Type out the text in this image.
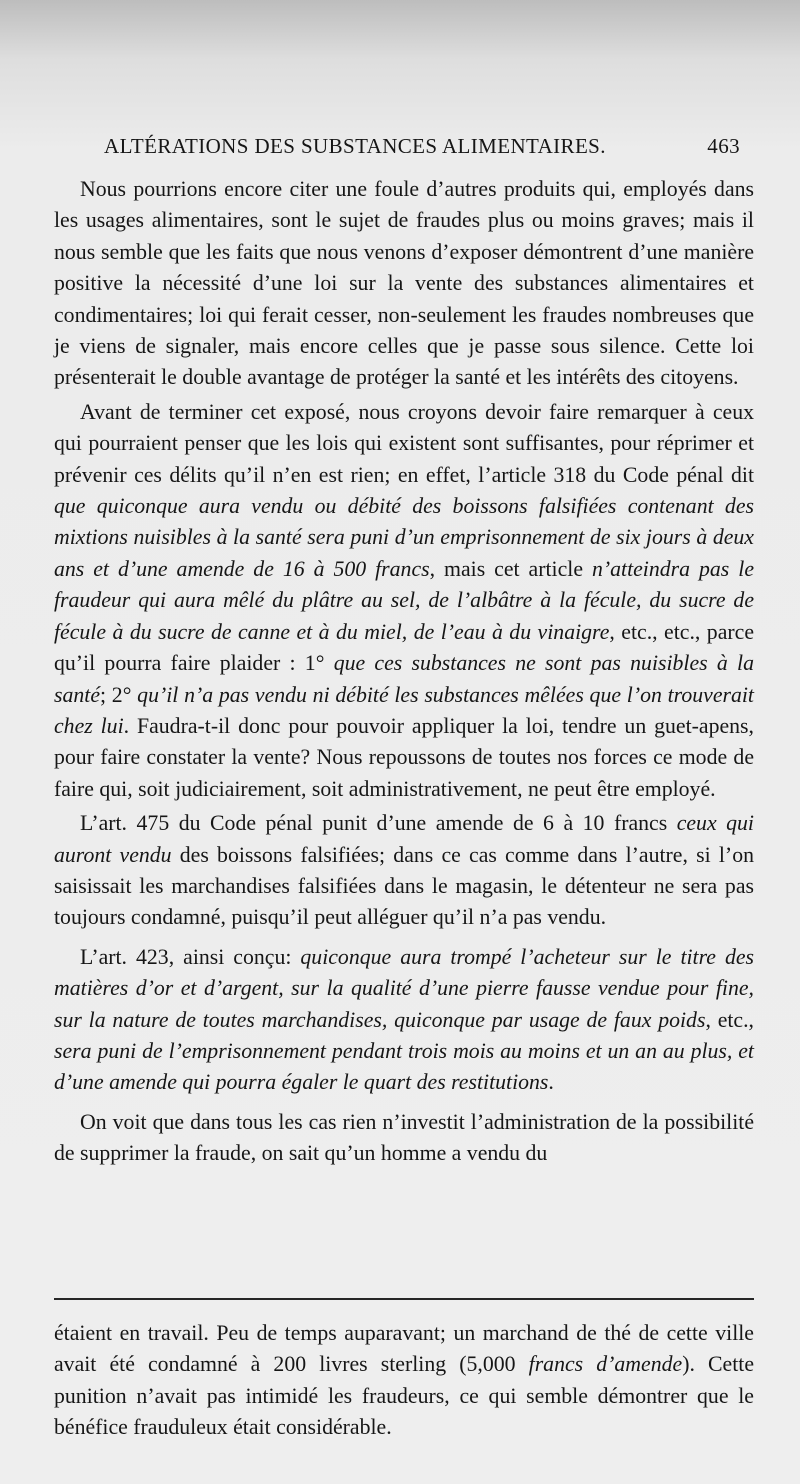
ALTÉRATIONS DES SUBSTANCES ALIMENTAIRES.	463

Nous pourrions encore citer une foule d’autres produits qui, employés dans les usages alimentaires, sont le sujet de fraudes plus ou moins graves; mais il nous semble que les faits que nous venons d’exposer démontrent d’une manière positive la nécessité d’une loi sur la vente des substances alimentaires et condimentaires; loi qui ferait cesser, non-seulement les fraudes nombreuses que je viens de signaler, mais encore celles que je passe sous silence. Cette loi présenterait le double avantage de protéger la santé et les intérêts des citoyens.

Avant de terminer cet exposé, nous croyons devoir faire remarquer à ceux qui pourraient penser que les lois qui existent sont suffisantes, pour réprimer et prévenir ces délits qu’il n’en est rien; en effet, l’article 318 du Code pénal dit que quiconque aura vendu ou débité des boissons falsifiées contenant des mixtions nuisibles à la santé sera puni d’un emprisonnement de six jours à deux ans et d’une amende de 16 à 500 francs, mais cet article n’atteindra pas le fraudeur qui aura mêlé du plâtre au sel, de l’albâtre à la fécule, du sucre de fécule à du sucre de canne et à du miel, de l’eau à du vinaigre, etc., etc., parce qu’il pourra faire plaider : 1° que ces substances ne sont pas nuisibles à la santé; 2° qu’il n’a pas vendu ni débité les substances mêlées que l’on trouverait chez lui. Faudra-t-il donc pour pouvoir appliquer la loi, tendre un guet-apens, pour faire constater la vente? Nous repoussons de toutes nos forces ce mode de faire qui, soit judiciairement, soit administrativement, ne peut être employé.

L’art. 475 du Code pénal punit d’une amende de 6 à 10 francs ceux qui auront vendu des boissons falsifiées; dans ce cas comme dans l’autre, si l’on saisissait les marchandises falsifiées dans le magasin, le détenteur ne sera pas toujours condamné, puisqu’il peut alléguer qu’il n’a pas vendu.

L’art. 423, ainsi conçu: quiconque aura trompé l’acheteur sur le titre des matières d’or et d’argent, sur la qualité d’une pierre fausse vendue pour fine, sur la nature de toutes marchandises, quiconque par usage de faux poids, etc., sera puni de l’emprisonnement pendant trois mois au moins et un an au plus, et d’une amende qui pourra égaler le quart des restitutions.

On voit que dans tous les cas rien n’investit l’administration de la possibilité de supprimer la fraude, on sait qu’un homme a vendu du

étaient en travail. Peu de temps auparavant; un marchand de thé de cette ville avait été condamné à 200 livres sterling (5,000 francs d’amende). Cette punition n’avait pas intimidé les fraudeurs, ce qui semble démontrer que le bénéfice frauduleux était considérable.
